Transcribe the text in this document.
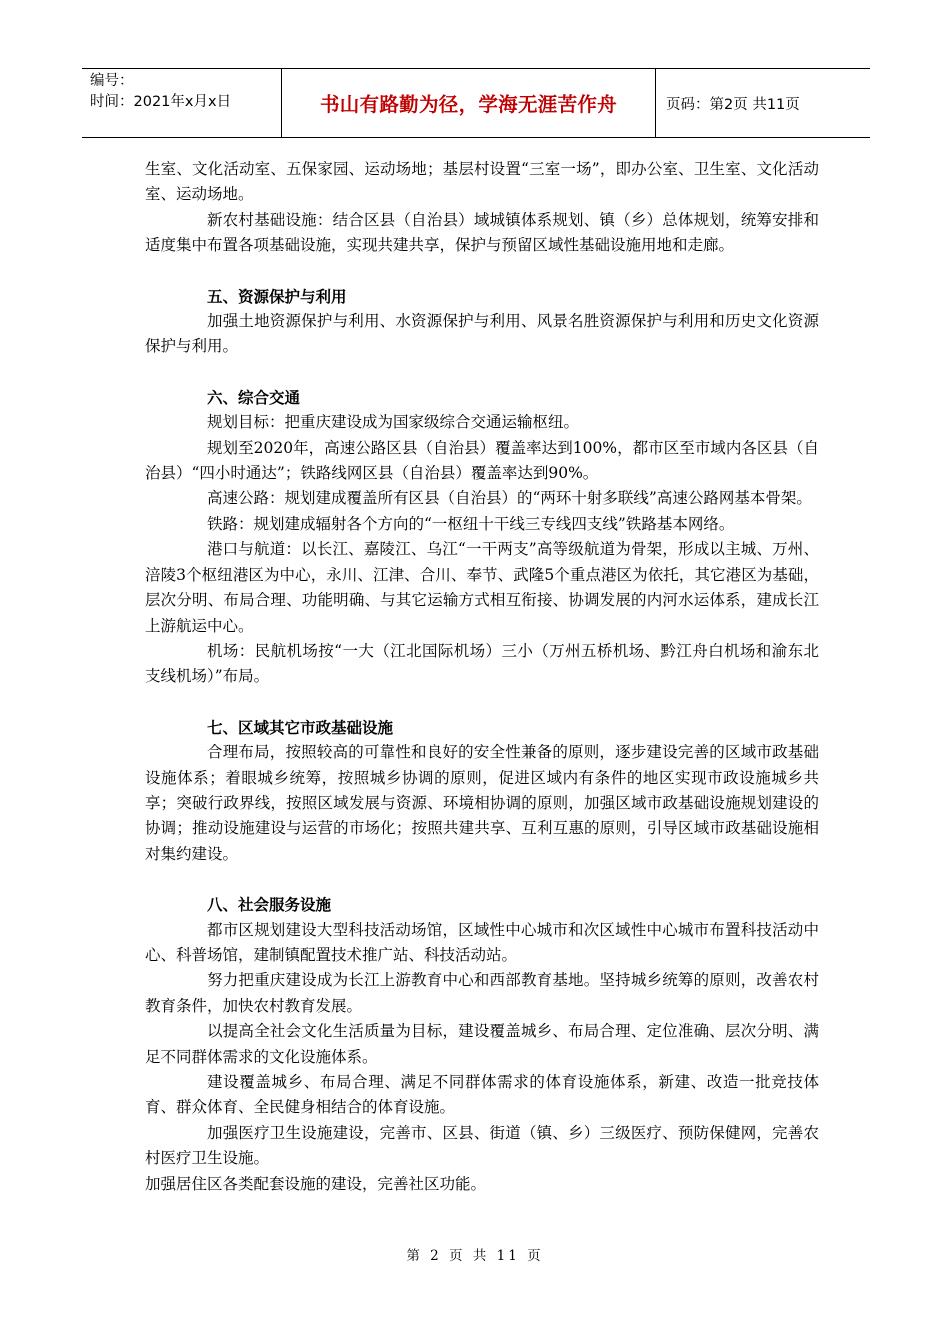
编号：
时间：2021年x月x日	书山有路勤为径，学海无涯苦作舟	页码：第2页 共11页

生室、文化活动室、五保家园、运动场地；基层村设置“三室一场”，即办公室、卫生室、文化活动室、运动场地。

新农村基础设施：结合区县（自治县）域城镇体系规划、镇（乡）总体规划，统筹安排和适度集中布置各项基础设施，实现共建共享，保护与预留区域性基础设施用地和走廊。

五、资源保护与利用

加强土地资源保护与利用、水资源保护与利用、风景名胜资源保护与利用和历史文化资源保护与利用。

六、综合交通

规划目标：把重庆建设成为国家级综合交通运输枢纽。

规划至2020年，高速公路区县（自治县）覆盖率达到100%，都市区至市域内各区县（自治县）“四小时通达”；铁路线网区县（自治县）覆盖率达到90%。

高速公路：规划建成覆盖所有区县（自治县）的“两环十射多联线”高速公路网基本骨架。

铁路：规划建成辐射各个方向的“一枢纽十干线三专线四支线”铁路基本网络。

港口与航道：以长江、嘉陵江、乌江“一干两支”高等级航道为骨架，形成以主城、万州、涪陵3个枢纽港区为中心，永川、江津、合川、奉节、武隆5个重点港区为依托，其它港区为基础，层次分明、布局合理、功能明确、与其它运输方式相互衔接、协调发展的内河水运体系，建成长江上游航运中心。

机场：民航机场按“一大（江北国际机场）三小（万州五桥机场、黔江舟白机场和渝东北支线机场）”布局。

七、区域其它市政基础设施

合理布局，按照较高的可靠性和良好的安全性兼备的原则，逐步建设完善的区域市政基础设施体系；着眼城乡统筹，按照城乡协调的原则，促进区域内有条件的地区实现市政设施城乡共享；突破行政界线，按照区域发展与资源、环境相协调的原则，加强区域市政基础设施规划建设的协调；推动设施建设与运营的市场化；按照共建共享、互利互惠的原则，引导区域市政基础设施相对集约建设。

八、社会服务设施

都市区规划建设大型科技活动场馆，区域性中心城市和次区域性中心城市布置科技活动中心、科普场馆，建制镇配置技术推广站、科技活动站。

努力把重庆建设成为长江上游教育中心和西部教育基地。坚持城乡统筹的原则，改善农村教育条件，加快农村教育发展。

以提高全社会文化生活质量为目标，建设覆盖城乡、布局合理、定位准确、层次分明、满足不同群体需求的文化设施体系。

建设覆盖城乡、布局合理、满足不同群体需求的体育设施体系，新建、改造一批竞技体育、群众体育、全民健身相结合的体育设施。

加强医疗卫生设施建设，完善市、区县、街道（镇、乡）三级医疗、预防保健网，完善农村医疗卫生设施。

加强居住区各类配套设施的建设，完善社区功能。

第 2 页 共 11 页
